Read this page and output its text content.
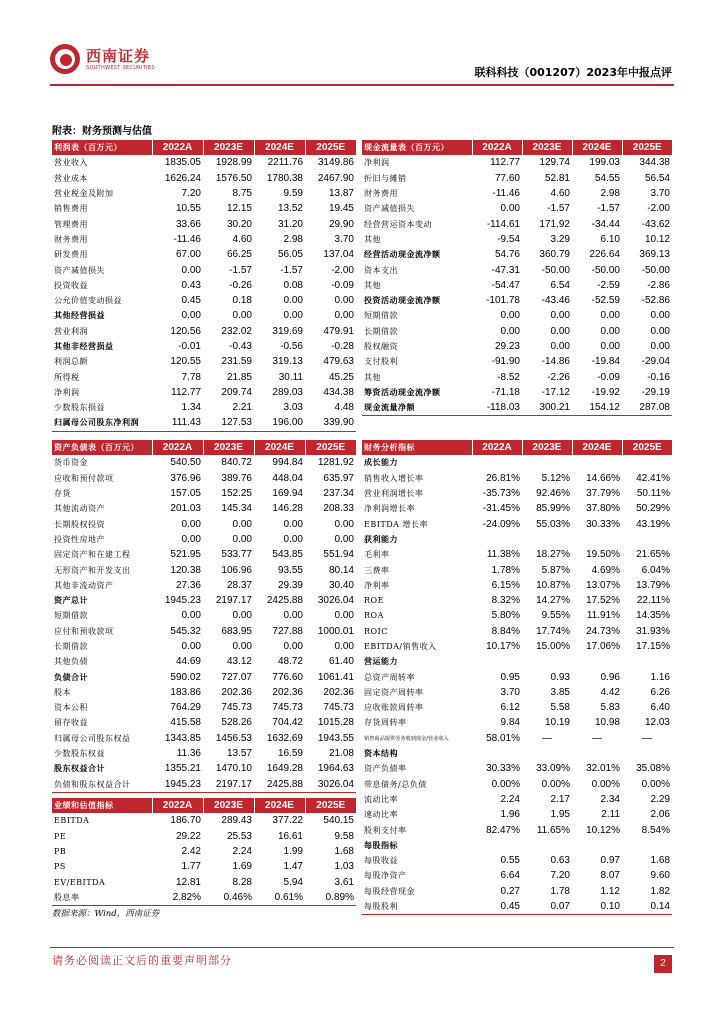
西南证券
SOUTHWEST SECURITIES	联科科技（001207）2023年中报点评
附表：财务预测与估值
利润表（百万元）	2022A	2023E	2024E	2025E
营业收入	1835.05	1928.99	2211.76	3149.86
营业成本	1626.24	1576.50	1780.38	2467.90
营业税金及附加	7.20	8.75	9.59	13.87
销售费用	10.55	12.15	13.52	19.45
管理费用	33.66	30.20	31.20	29.90
财务费用	-11.46	4.60	2.98	3.70
研发费用	67.00	66.25	56.05	137.04
资产减值损失	0.00	-1.57	-1.57	-2.00
投资收益	0.43	-0.26	0.08	-0.09
公允价值变动损益	0.45	0.18	0.00	0.00
其他经营损益	0.00	0.00	0.00	0.00
营业利润	120.56	232.02	319.69	479.91
其他非经营损益	-0.01	-0.43	-0.56	-0.28
利润总额	120.55	231.59	319.13	479.63
所得税	7.78	21.85	30.11	45.25
净利润	112.77	209.74	289.03	434.38
少数股东损益	1.34	2.21	3.03	4.48
归属母公司股东净利润	111.43	127.53	196.00	339.90
现金流量表（百万元）	2022A	2023E	2024E	2025E
净利润	112.77	129.74	199.03	344.38
折旧与摊销	77.60	52.81	54.55	56.54
财务费用	-11.46	4.60	2.98	3.70
资产减值损失	0.00	-1.57	-1.57	-2.00
经营营运资本变动	-114.61	171.92	-34.44	-43.62
其他	-9.54	3.29	6.10	10.12
经营活动现金流净额	54.76	360.79	226.64	369.13
资本支出	-47.31	-50.00	-50.00	-50.00
其他	-54.47	6.54	-2.59	-2.86
投资活动现金流净额	-101.78	-43.46	-52.59	-52.86
短期借款	0.00	0.00	0.00	0.00
长期借款	0.00	0.00	0.00	0.00
股权融资	29.23	0.00	0.00	0.00
支付股利	-91.90	-14.86	-19.84	-29.04
其他	-8.52	-2.26	-0.09	-0.16
筹资活动现金流净额	-71.18	-17.12	-19.92	-29.19
现金流量净额	-118.03	300.21	154.12	287.08
资产负债表（百万元）	2022A	2023E	2024E	2025E
货币资金	540.50	840.72	994.84	1281.92
应收和预付款项	376.96	389.76	448.04	635.97
存货	157.05	152.25	169.94	237.34
其他流动资产	201.03	145.34	146.28	208.33
长期股权投资	0.00	0.00	0.00	0.00
投资性房地产	0.00	0.00	0.00	0.00
固定资产和在建工程	521.95	533.77	543.85	551.94
无形资产和开发支出	120.38	106.96	93.55	80.14
其他非流动资产	27.36	28.37	29.39	30.40
资产总计	1945.23	2197.17	2425.88	3026.04
短期借款	0.00	0.00	0.00	0.00
应付和预收款项	545.32	683.95	727.88	1000.01
长期借款	0.00	0.00	0.00	0.00
其他负债	44.69	43.12	48.72	61.40
负债合计	590.02	727.07	776.60	1061.41
股本	183.86	202.36	202.36	202.36
资本公积	764.29	745.73	745.73	745.73
留存收益	415.58	528.26	704.42	1015.28
归属母公司股东权益	1343.85	1456.53	1632.69	1943.55
少数股东权益	11.36	13.57	16.59	21.08
股东权益合计	1355.21	1470.10	1649.28	1964.63
负债和股东权益合计	1945.23	2197.17	2425.88	3026.04
财务分析指标	2022A	2023E	2024E	2025E
成长能力				
销售收入增长率	26.81%	5.12%	14.66%	42.41%
营业利润增长率	-35.73%	92.46%	37.79%	50.11%
净利润增长率	-31.45%	85.99%	37.80%	50.29%
EBITDA 增长率	-24.09%	55.03%	30.33%	43.19%
获利能力				
毛利率	11.38%	18.27%	19.50%	21.65%
三费率	1.78%	5.87%	4.69%	6.04%
净利率	6.15%	10.87%	13.07%	13.79%
ROE	8.32%	14.27%	17.52%	22.11%
ROA	5.80%	9.55%	11.91%	14.35%
ROIC	8.84%	17.74%	24.73%	31.93%
EBITDA/销售收入	10.17%	15.00%	17.06%	17.15%
营运能力				
总资产周转率	0.95	0.93	0.96	1.16
固定资产周转率	3.70	3.85	4.42	6.26
应收账款周转率	6.12	5.58	5.83	6.40
存货周转率	9.84	10.19	10.98	12.03
销售商品提供劳务收到现金/营业收入	58.01%	—	—	—
资本结构				
资产负债率	30.33%	33.09%	32.01%	35.08%
带息债务/总负债	0.00%	0.00%	0.00%	0.00%
流动比率	2.24	2.17	2.34	2.29
速动比率	1.96	1.95	2.11	2.06
股利支付率	82.47%	11.65%	10.12%	8.54%
每股指标				
每股收益	0.55	0.63	0.97	1.68
每股净资产	6.64	7.20	8.07	9.60
每股经营现金	0.27	1.78	1.12	1.82
每股股利	0.45	0.07	0.10	0.14
业绩和估值指标	2022A	2023E	2024E	2025E
EBITDA	186.70	289.43	377.22	540.15
PE	29.22	25.53	16.61	9.58
PB	2.42	2.24	1.99	1.68
PS	1.77	1.69	1.47	1.03
EV/EBITDA	12.81	8.28	5.94	3.61
股息率	2.82%	0.46%	0.61%	0.89%
数据来源：Wind，西南证券
请务必阅读正文后的重要声明部分	2
